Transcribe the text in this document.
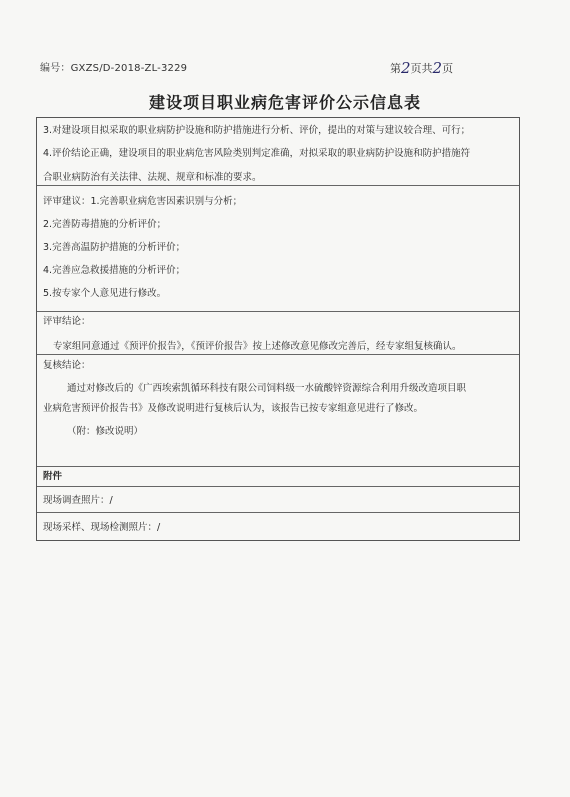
编号：GXZS/D-2018-ZL-3229	第2页共2页
建设项目职业病危害评价公示信息表
3.对建设项目拟采取的职业病防护设施和防护措施进行分析、评价，提出的对策与建议较合理、可行；
4.评价结论正确，建设项目的职业病危害风险类别判定准确，对拟采取的职业病防护设施和防护措施符
合职业病防治有关法律、法规、规章和标准的要求。
评审建议：1.完善职业病危害因素识别与分析；
2.完善防毒措施的分析评价；
3.完善高温防护措施的分析评价；
4.完善应急救援措施的分析评价；
5.按专家个人意见进行修改。
评审结论：
专家组同意通过《预评价报告》，《预评价报告》按上述修改意见修改完善后，经专家组复核确认。
复核结论：
通过对修改后的《广西埃索凯循环科技有限公司饲料级一水硫酸锌资源综合利用升级改造项目职
业病危害预评价报告书》及修改说明进行复核后认为，该报告已按专家组意见进行了修改。
（附：修改说明）
附件
现场调查照片：/
现场采样、现场检测照片：/
